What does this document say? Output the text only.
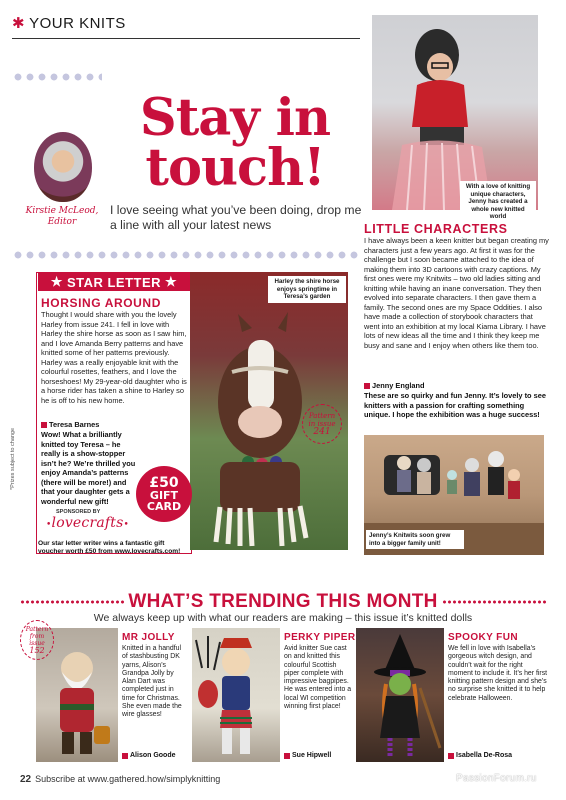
✱ YOUR KNITS
Stay in
touch!
Kirstie McLeod,
Editor
I love seeing what you’ve been doing, drop me a line with all your latest news
With a love of knitting unique characters, Jenny has created a whole new knitted world
LITTLE CHARACTERS
I have always been a keen knitter but began creating my characters just a few years ago. At first it was for the challenge but I soon became attached to the idea of making them into 3D cartoons with crazy captions. My first ones were my Knitwits – two old ladies sitting and knitting while having an inane conversation. They then evolved into separate characters. I then gave them a family. The second ones are my Space Oddities. I also have made a collection of storybook characters that went into an exhibition at my local Kiama Library. I have lots of new ideas all the time and I think they keep me busy and sane and I enjoy when others like them too.
Jenny England
These are so quirky and fun Jenny. It’s lovely to see knitters with a passion for crafting something unique. I hope the exhibition was a huge success!
Jenny’s Knitwits soon grew into a bigger family unit!
★ STAR LETTER ★
HORSING AROUND
Thought I would share with you the lovely Harley from issue 241. I fell in love with Harley the shire horse as soon as I saw him, and I love Amanda Berry patterns and have knitted some of her patterns previously. Harley was a really enjoyable knit with the colourful rosettes, feathers, and I love the horseshoes! My 29-year-old daughter who is a horse rider has taken a shine to Harley so he is off to his new home.
Teresa Barnes
Wow! What a brilliantly knitted toy Teresa – he really is a show-stopper isn’t he? We’re thrilled you enjoy Amanda’s patterns (there will be more!) and that your daughter gets a wonderful new gift!
SPONSORED BY
•lovecrafts•
Our star letter writer wins a fantastic gift voucher worth £50 from www.lovecrafts.com!
*Prizes subject to change
Harley the shire horse enjoys springtime in Teresa’s garden
Pattern
in issue
241
£50
GIFT
CARD
WHAT’S TRENDING THIS MONTH
We always keep up with what our readers are making – this issue it’s knitted dolls
Pattern
from
issue
152
MR JOLLY
Knitted in a handful of stashbusting DK yarns, Alison’s Grandpa Jolly by Alan Dart was completed just in time for Christmas. She even made the wire glasses!
Alison Goode
PERKY PIPER
Avid knitter Sue cast on and knitted this colourful Scottish piper complete with impressive bagpipes. He was entered into a local WI competition winning first place!
Sue Hipwell
SPOOKY FUN
We fell in love with Isabella’s gorgeous witch design, and couldn’t wait for the right moment to include it. It’s her first knitting pattern design and she’s no surprise she knitted it to help celebrate Halloween.
Isabella De-Rosa
22 Subscribe at www.gathered.how/simplyknitting	PassionForum.ru
